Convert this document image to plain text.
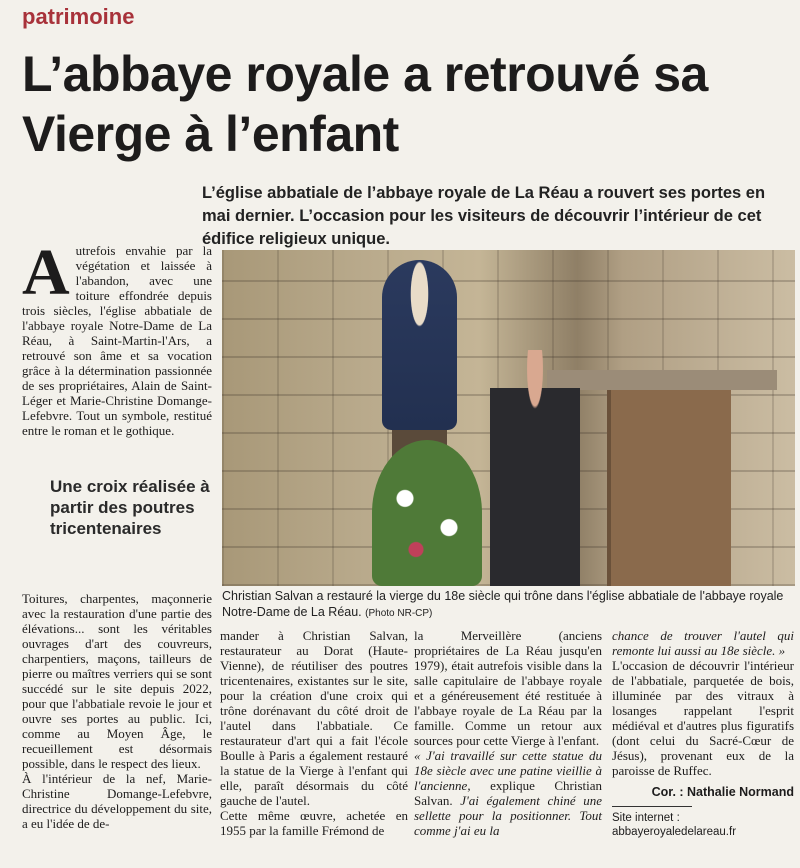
patrimoine
L’abbaye royale a retrouvé sa Vierge à l’enfant
L’église abbatiale de l’abbaye royale de La Réau a rouvert ses portes en mai dernier. L’occasion pour les visiteurs de découvrir l’intérieur de cet édifice religieux unique.
A utrefois envahie par la végétation et laissée à l'abandon, avec une toiture effondrée depuis trois siècles, l'église abbatiale de l'abbaye royale Notre-Dame de La Réau, à Saint-Martin-l'Ars, a retrouvé son âme et sa vocation grâce à la détermination passionnée de ses propriétaires, Alain de Saint-Léger et Marie-Christine Domange-Lefebvre. Tout un symbole, restitué entre le roman et le gothique.
Une croix réalisée à partir des poutres tricentenaires
Christian Salvan a restauré la vierge du 18e siècle qui trône dans l'église abbatiale de l'abbaye royale Notre-Dame de La Réau. (Photo NR-CP)

Toitures, charpentes, maçonnerie avec la restauration d'une partie des élévations... sont les véritables ouvrages d'art des couvreurs, charpentiers, maçons, tailleurs de pierre ou maîtres verriers qui se sont succédé sur le site depuis 2022, pour que l'abbatiale revoie le jour et ouvre ses portes au public. Ici, comme au Moyen Âge, le recueillement est désormais possible, dans le respect des lieux.

À l'intérieur de la nef, Marie-Christine Domange-Lefebvre, directrice du développement du site, a eu l'idée de de-

mander à Christian Salvan, restaurateur au Dorat (Haute-Vienne), de réutiliser des poutres tricentenaires, existantes sur le site, pour la création d'une croix qui trône dorénavant du côté droit de l'autel dans l'abbatiale. Ce restaurateur d'art qui a fait l'école Boulle à Paris a également restauré la statue de la Vierge à l'enfant qui elle, paraît désormais du côté gauche de l'autel.

Cette même œuvre, achetée en 1955 par la famille Frémond de

la Merveillère (anciens propriétaires de La Réau jusqu'en 1979), était autrefois visible dans la salle capitulaire de l'abbaye royale et a généreusement été restituée à l'abbaye royale de La Réau par la famille. Comme un retour aux sources pour cette Vierge à l'enfant.

« J'ai travaillé sur cette statue du 18e siècle avec une patine vieillie à l'ancienne, explique Christian Salvan. J'ai également chiné une sellette pour la positionner. Tout comme j'ai eu la

chance de trouver l'autel qui remonte lui aussi au 18e siècle. »

L'occasion de découvrir l'intérieur de l'abbatiale, parquetée de bois, illuminée par des vitraux à losanges rappelant l'esprit médiéval et d'autres plus figuratifs (dont celui du Sacré-Cœur de Jésus), provenant eux de la paroisse de Ruffec.

Cor. : Nathalie Normand
Site internet :
abbayeroyaledelareau.fr
